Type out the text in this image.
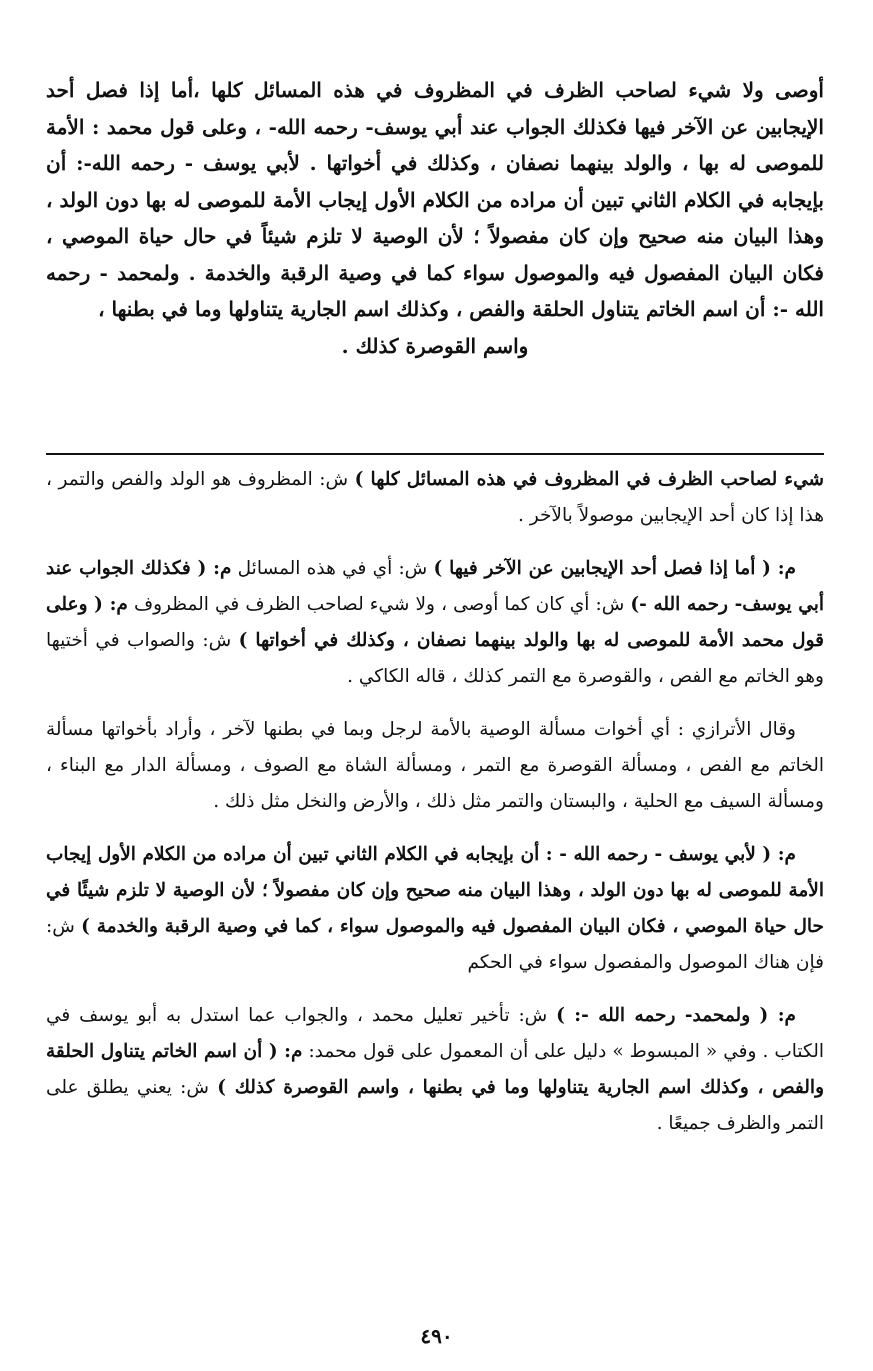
أوصى ولا شيء لصاحب الظرف في المظروف في هذه المسائل كلها ،أما إذا فصل أحد الإيجابين عن الآخر فيها فكذلك الجواب عند أبي يوسف- رحمه الله- ، وعلى قول محمد : الأمة للموصى له بها ، والولد بينهما نصفان ، وكذلك في أخواتها . لأبي يوسف - رحمه الله-: أن بإيجابه في الكلام الثاني تبين أن مراده من الكلام الأول إيجاب الأمة للموصى له بها دون الولد ، وهذا البيان منه صحيح وإن كان مفصولاً ؛ لأن الوصية لا تلزم شيئاً في حال حياة الموصي ، فكان البيان المفصول فيه والموصول سواء كما في وصية الرقبة والخدمة . ولمحمد - رحمه الله -: أن اسم الخاتم يتناول الحلقة والفص ، وكذلك اسم الجارية يتناولها وما في بطنها ،

واسم القوصرة كذلك .

شيء لصاحب الظرف في المظروف في هذه المسائل كلها ) ش: المظروف هو الولد والفص والتمر ، هذا إذا كان أحد الإيجابين موصولاً بالآخر .

م: ( أما إذا فصل أحد الإيجابين عن الآخر فيها ) ش: أي في هذه المسائل م: ( فكذلك الجواب عند أبي يوسف- رحمه الله -) ش: أي كان كما أوصى ، ولا شيء لصاحب الظرف في المظروف م: ( وعلى قول محمد الأمة للموصى له بها والولد بينهما نصفان ، وكذلك في أخواتها ) ش: والصواب في أختيها وهو الخاتم مع الفص ، والقوصرة مع التمر كذلك ، قاله الكاكي .

وقال الأترازي : أي أخوات مسألة الوصية بالأمة لرجل وبما في بطنها لآخر ، وأراد بأخواتها مسألة الخاتم مع الفص ، ومسألة القوصرة مع التمر ، ومسألة الشاة مع الصوف ، ومسألة الدار مع البناء ، ومسألة السيف مع الحلية ، والبستان والتمر مثل ذلك ، والأرض والنخل مثل ذلك .

م: ( لأبي يوسف - رحمه الله - : أن بإيجابه في الكلام الثاني تبين أن مراده من الكلام الأول إيجاب الأمة للموصى له بها دون الولد ، وهذا البيان منه صحيح وإن كان مفصولاً ؛ لأن الوصية لا تلزم شيئًا في حال حياة الموصي ، فكان البيان المفصول فيه والموصول سواء ، كما في وصية الرقبة والخدمة ) ش: فإن هناك الموصول والمفصول سواء في الحكم

م: ( ولمحمد- رحمه الله -: ) ش: تأخير تعليل محمد ، والجواب عما استدل به أبو يوسف في الكتاب . وفي « المبسوط » دليل على أن المعمول على قول محمد: م: ( أن اسم الخاتم يتناول الحلقة والفص ، وكذلك اسم الجارية يتناولها وما في بطنها ، واسم القوصرة كذلك ) ش: يعني يطلق على التمر والظرف جميعًا .

٤٩٠
